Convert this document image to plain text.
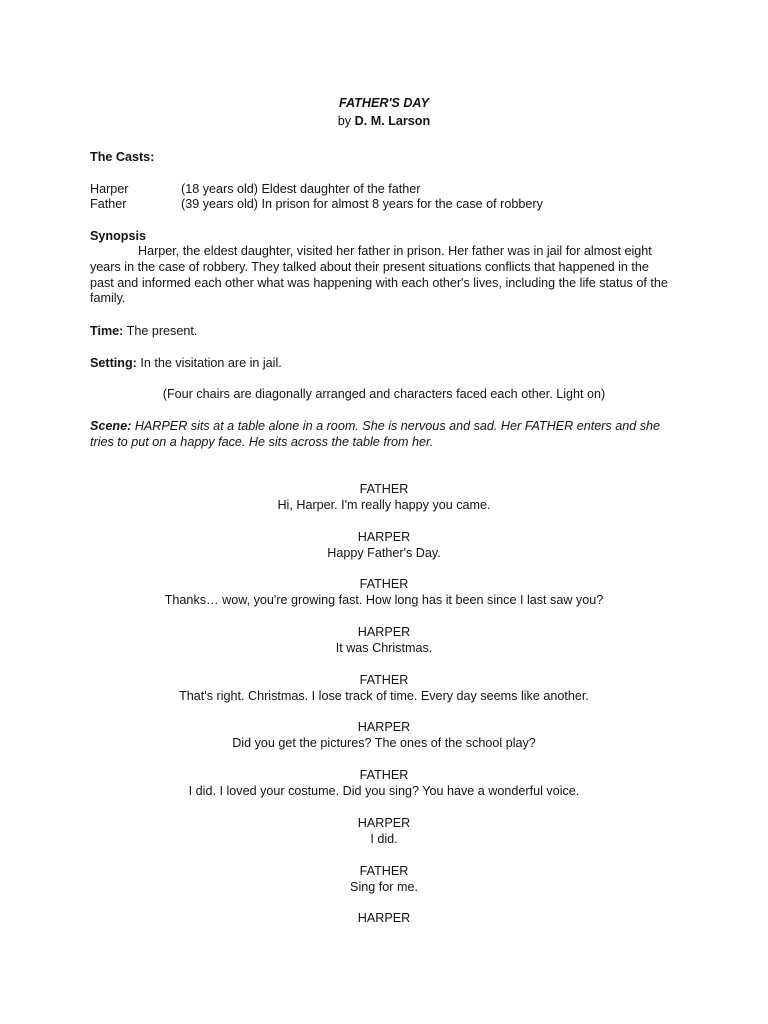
FATHER'S DAY
by D. M. Larson
The Casts:
Harper	(18 years old) Eldest daughter of the father
Father	(39 years old) In prison for almost 8 years for the case of robbery
Synopsis

Harper, the eldest daughter, visited her father in prison. Her father was in jail for almost eight years in the case of robbery. They talked about their present situations conflicts that happened in the past and informed each other what was happening with each other's lives, including the life status of the family.

Time: The present.
Setting: In the visitation are in jail.
(Four chairs are diagonally arranged and characters faced each other. Light on)

Scene: HARPER sits at a table alone in a room. She is nervous and sad. Her FATHER enters and she tries to put on a happy face. He sits across the table from her.

FATHER
Hi, Harper. I'm really happy you came.
HARPER
Happy Father's Day.
FATHER
Thanks… wow, you're growing fast. How long has it been since I last saw you?
HARPER
It was Christmas.
FATHER
That's right. Christmas. I lose track of time. Every day seems like another.
HARPER
Did you get the pictures? The ones of the school play?
FATHER
I did. I loved your costume. Did you sing? You have a wonderful voice.
HARPER
I did.
FATHER
Sing for me.
HARPER
